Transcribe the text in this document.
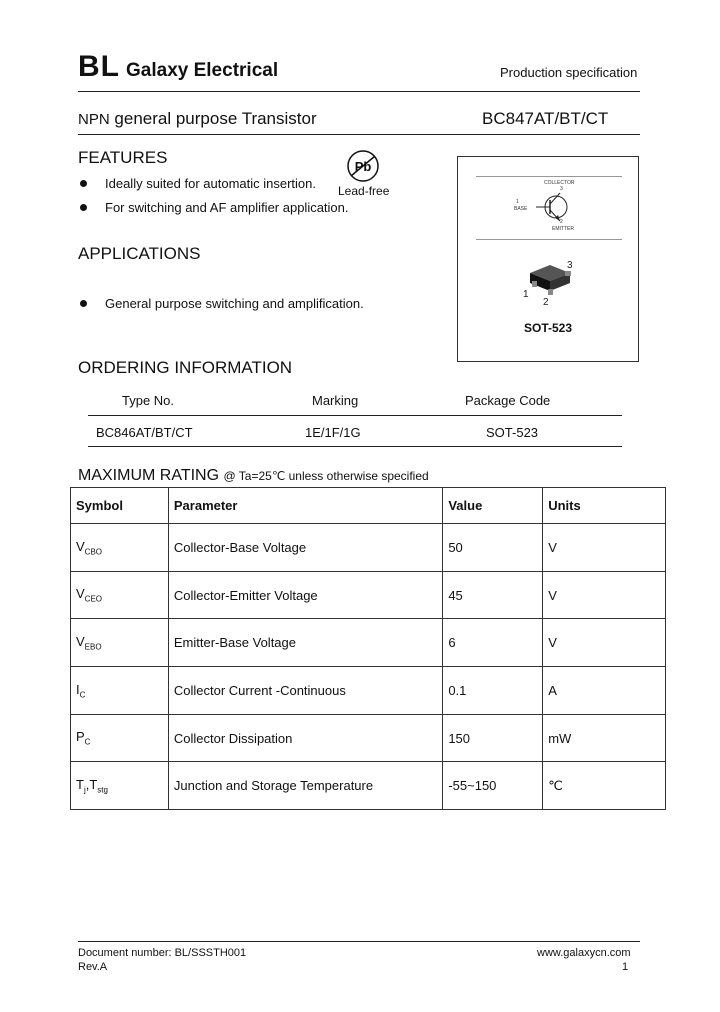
BL Galaxy Electrical	Production specification
NPN general purpose Transistor	BC847AT/BT/CT
FEATURES
Ideally suited for automatic insertion.
For switching and AF amplifier application.
Pb
Lead-free
COLLECTOR
3
1
BASE
2
EMITTER
1
2
3
SOT-523
APPLICATIONS
General purpose switching and amplification.
ORDERING INFORMATION
Type No.	Marking	Package Code
BC846AT/BT/CT	1E/1F/1G	SOT-523
MAXIMUM RATING @ Ta=25℃ unless otherwise specified
Symbol	Parameter	Value	Units
$V_{CBO}$	Collector-Base Voltage	50	V
$V_{CEO}$	Collector-Emitter Voltage	45	V
$V_{EBO}$	Emitter-Base Voltage	6	V
$I_C$	Collector Current -Continuous	0.1	A
$P_C$	Collector Dissipation	150	mW
$T_j,T_{stg}$	Junction and Storage Temperature	-55~150	℃
Document number: BL/SSSTH001
Rev.A
www.galaxycn.com
1
